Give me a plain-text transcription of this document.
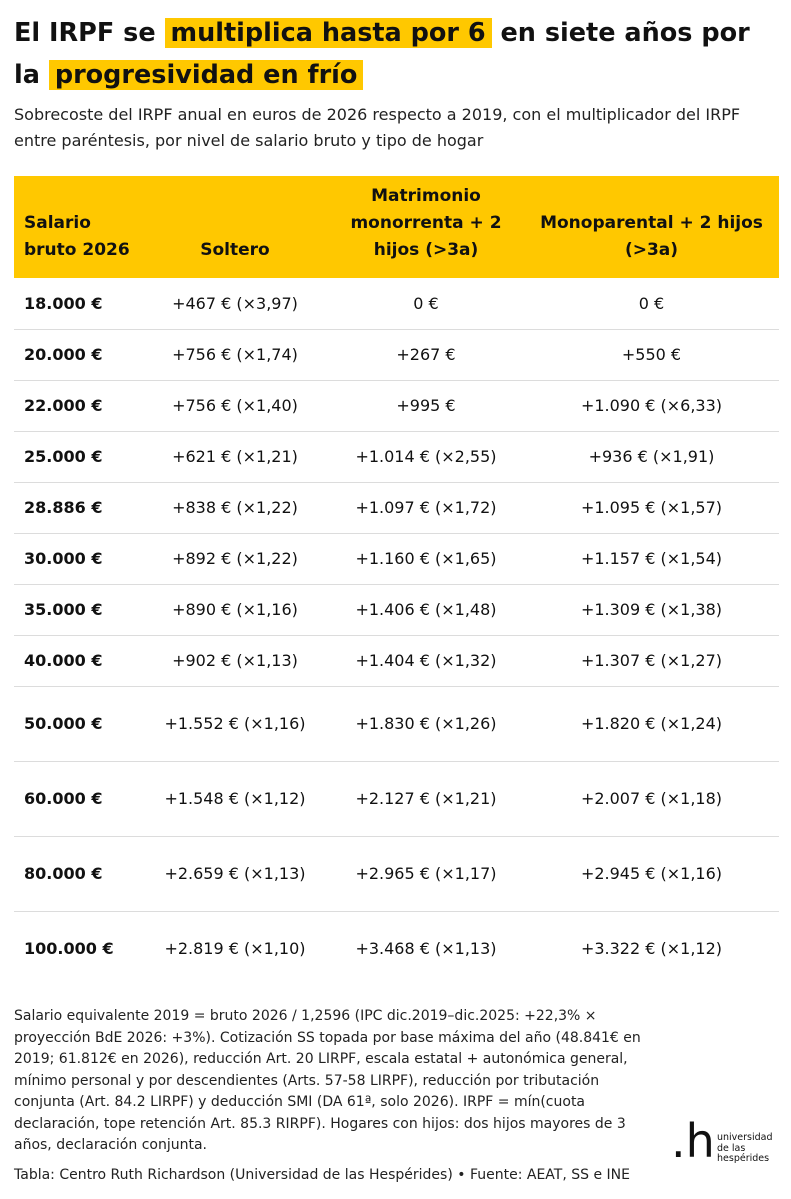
El IRPF se multiplica hasta por 6 en siete años por la progresividad en frío

Sobrecoste del IRPF anual en euros de 2026 respecto a 2019, con el multiplicador del IRPF entre paréntesis, por nivel de salario bruto y tipo de hogar

Salario bruto 2026	Soltero	Matrimonio monorrenta + 2 hijos (>3a)	Monoparental + 2 hijos (>3a)
18.000 €	+467 € (×3,97)	0 €	0 €
20.000 €	+756 € (×1,74)	+267 €	+550 €
22.000 €	+756 € (×1,40)	+995 €	+1.090 € (×6,33)
25.000 €	+621 € (×1,21)	+1.014 € (×2,55)	+936 € (×1,91)
28.886 €	+838 € (×1,22)	+1.097 € (×1,72)	+1.095 € (×1,57)
30.000 €	+892 € (×1,22)	+1.160 € (×1,65)	+1.157 € (×1,54)
35.000 €	+890 € (×1,16)	+1.406 € (×1,48)	+1.309 € (×1,38)
40.000 €	+902 € (×1,13)	+1.404 € (×1,32)	+1.307 € (×1,27)
50.000 €	+1.552 € (×1,16)	+1.830 € (×1,26)	+1.820 € (×1,24)
60.000 €	+1.548 € (×1,12)	+2.127 € (×1,21)	+2.007 € (×1,18)
80.000 €	+2.659 € (×1,13)	+2.965 € (×1,17)	+2.945 € (×1,16)
100.000 €	+2.819 € (×1,10)	+3.468 € (×1,13)	+3.322 € (×1,12)

Salario equivalente 2019 = bruto 2026 / 1,2596 (IPC dic.2019–dic.2025: +22,3% × proyección BdE 2026: +3%). Cotización SS topada por base máxima del año (48.841€ en 2019; 61.812€ en 2026), reducción Art. 20 LIRPF, escala estatal + autonómica general, mínimo personal y por descendientes (Arts. 57-58 LIRPF), reducción por tributación conjunta (Art. 84.2 LIRPF) y deducción SMI (DA 61ª, solo 2026). IRPF = mín(cuota declaración, tope retención Art. 85.3 RIRPF). Hogares con hijos: dos hijos mayores de 3 años, declaración conjunta.

Tabla: Centro Ruth Richardson (Universidad de las Hespérides) • Fuente: AEAT, SS e INE

.h universidad
de las
hespérides
